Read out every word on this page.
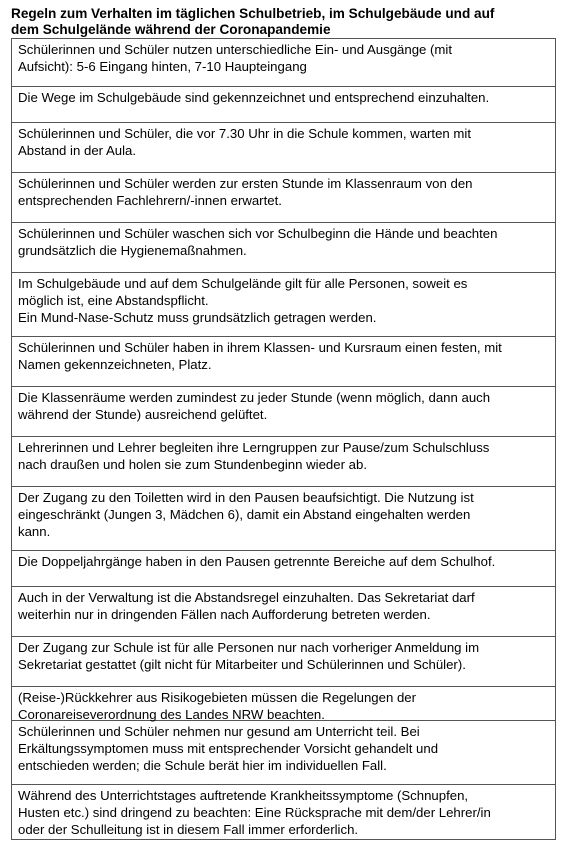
Regeln zum Verhalten im täglichen Schulbetrieb, im Schulgebäude und auf
dem Schulgelände während der Coronapandemie
Schülerinnen und Schüler nutzen unterschiedliche Ein- und Ausgänge (mit
Aufsicht): 5-6 Eingang hinten, 7-10 Haupteingang
Die Wege im Schulgebäude sind gekennzeichnet und entsprechend einzuhalten.
Schülerinnen und Schüler, die vor 7.30 Uhr in die Schule kommen, warten mit
Abstand in der Aula.
Schülerinnen und Schüler werden zur ersten Stunde im Klassenraum von den
entsprechenden Fachlehrern/-innen erwartet.
Schülerinnen und Schüler waschen sich vor Schulbeginn die Hände und beachten
grundsätzlich die Hygienemaßnahmen.
Im Schulgebäude und auf dem Schulgelände gilt für alle Personen, soweit es
möglich ist, eine Abstandspflicht.
Ein Mund-Nase-Schutz muss grundsätzlich getragen werden.
Schülerinnen und Schüler haben in ihrem Klassen- und Kursraum einen festen, mit
Namen gekennzeichneten, Platz.
Die Klassenräume werden zumindest zu jeder Stunde (wenn möglich, dann auch
während der Stunde) ausreichend gelüftet.
Lehrerinnen und Lehrer begleiten ihre Lerngruppen zur Pause/zum Schulschluss
nach draußen und holen sie zum Stundenbeginn wieder ab.
Der Zugang zu den Toiletten wird in den Pausen beaufsichtigt. Die Nutzung ist
eingeschränkt (Jungen 3, Mädchen 6), damit ein Abstand eingehalten werden
kann.
Die Doppeljahrgänge haben in den Pausen getrennte Bereiche auf dem Schulhof.
Auch in der Verwaltung ist die Abstandsregel einzuhalten. Das Sekretariat darf
weiterhin nur in dringenden Fällen nach Aufforderung betreten werden.
Der Zugang zur Schule ist für alle Personen nur nach vorheriger Anmeldung im
Sekretariat gestattet (gilt nicht für Mitarbeiter und Schülerinnen und Schüler).
(Reise-)Rückkehrer aus Risikogebieten müssen die Regelungen der
Coronareiseverordnung des Landes NRW beachten.
Schülerinnen und Schüler nehmen nur gesund am Unterricht teil. Bei
Erkältungssymptomen muss mit entsprechender Vorsicht gehandelt und
entschieden werden; die Schule berät hier im individuellen Fall.
Während des Unterrichtstages auftretende Krankheitssymptome (Schnupfen,
Husten etc.) sind dringend zu beachten: Eine Rücksprache mit dem/der Lehrer/in
oder der Schulleitung ist in diesem Fall immer erforderlich.
